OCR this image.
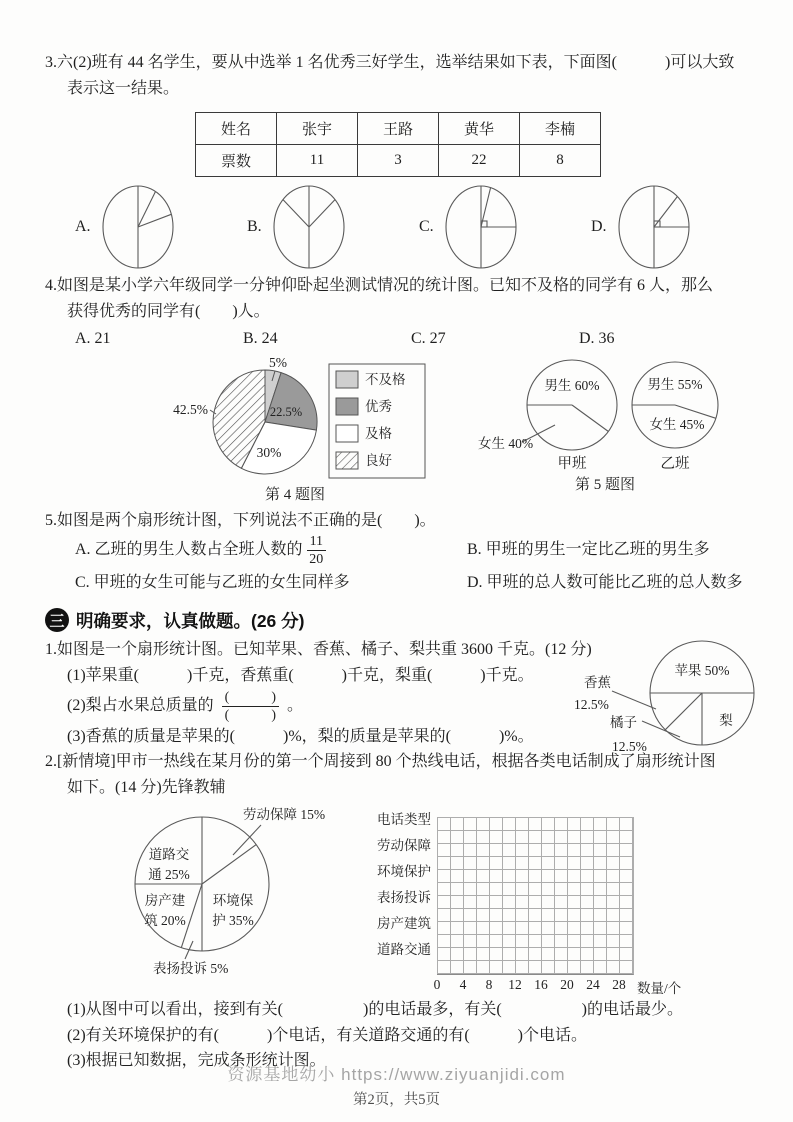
3.六(2)班有 44 名学生，要从中选举 1 名优秀三好学生，选举结果如下表，下面图(　　　)可以大致
表示这一结果。
姓名	张宇	王路	黄华	李楠
票数	11	3	22	8
A.	B.	C.	D.
4.如图是某小学六年级同学一分钟仰卧起坐测试情况的统计图。已知不及格的同学有 6 人，那么
获得优秀的同学有(　　)人。
A. 21	B. 24	C. 27	D. 36
5%
42.5%	22.5%
30%
不及格
优秀
及格
良好
第 4 题图
男生 60%
女生 40%
甲班
男生 55%
女生 45%
乙班
第 5 题图
5.如图是两个扇形统计图，下列说法不正确的是(　　)。
A. 乙班的男生人数占全班人数的 $\frac{11}{20}$	B. 甲班的男生一定比乙班的男生多
C. 甲班的女生可能与乙班的女生同样多	D. 甲班的总人数可能比乙班的总人数多
三 明确要求，认真做题。(26 分)
1.如图是一个扇形统计图。已知苹果、香蕉、橘子、梨共重 3600 千克。(12 分)
(1)苹果重(　　　)千克，香蕉重(　　　)千克，梨重(　　　)千克。
(2)梨占水果总质量的 $\frac{( )}{( )}$ 。
(3)香蕉的质量是苹果的(　　　)%，梨的质量是苹果的(　　　)%。
苹果 50%
梨
香蕉
12.5%
橘子
12.5%
2.[新情境]甲市一热线在某月份的第一个周接到 80 个热线电话，根据各类电话制成了扇形统计图
如下。(14 分)先锋教辅
劳动保障 15%
道路交
通 25%
房产建
筑 20%
环境保
护 35%
表扬投诉 5%
电话类型
劳动保障
环境保护
表扬投诉
房产建筑
道路交通
0	4	8	12 16 20 24 28 数量/个
(1)从图中可以看出，接到有关(　　　　　)的电话最多，有关(　　　　　)的电话最少。
(2)有关环境保护的有(　　　)个电话，有关道路交通的有(　　　)个电话。
(3)根据已知数据，完成条形统计图。
资源基地幼小 https://www.ziyuanjidi.com
第2页，共5页
